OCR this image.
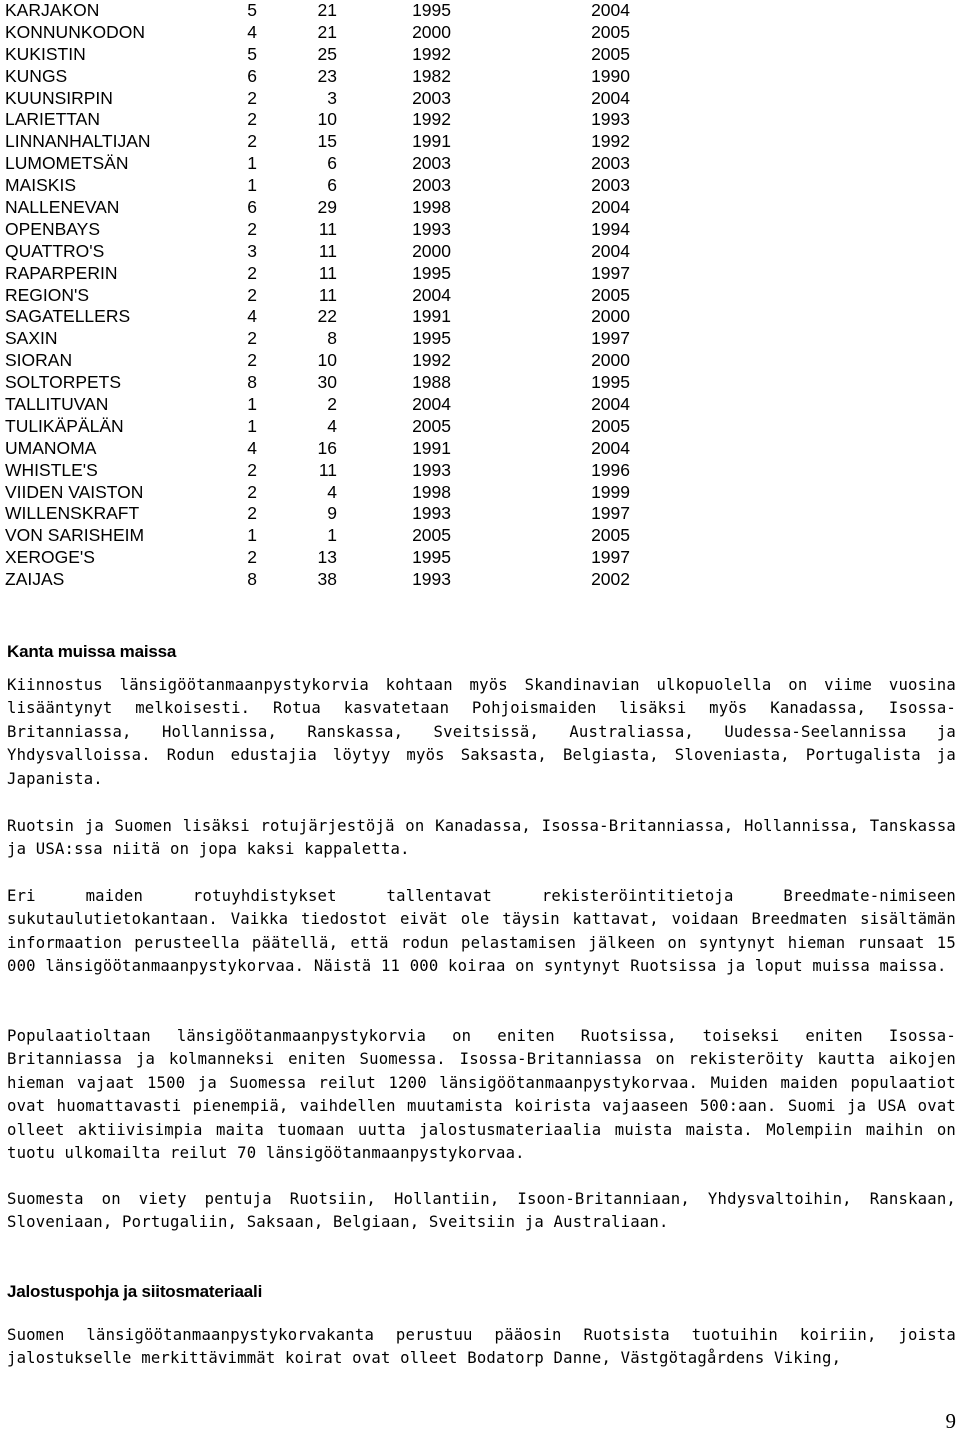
KARJAKON	5	21	1995	2004
KONNUNKODON	4	21	2000	2005
KUKISTIN	5	25	1992	2005
KUNGS	6	23	1982	1990
KUUNSIRPIN	2	3	2003	2004
LARIETTAN	2	10	1992	1993
LINNANHALTIJAN	2	15	1991	1992
LUMOMETSÄN	1	6	2003	2003
MAISKIS	1	6	2003	2003
NALLENEVAN	6	29	1998	2004
OPENBAYS	2	11	1993	1994
QUATTRO'S	3	11	2000	2004
RAPARPERIN	2	11	1995	1997
REGION'S	2	11	2004	2005
SAGATELLERS	4	22	1991	2000
SAXIN	2	8	1995	1997
SIORAN	2	10	1992	2000
SOLTORPETS	8	30	1988	1995
TALLITUVAN	1	2	2004	2004
TULIKÄPÄLÄN	1	4	2005	2005
UMANOMA	4	16	1991	2004
WHISTLE'S	2	11	1993	1996
VIIDEN VAISTON	2	4	1998	1999
WILLENSKRAFT	2	9	1993	1997
VON SARISHEIM	1	1	2005	2005
XEROGE'S	2	13	1995	1997
ZAIJAS	8	38	1993	2002
Kanta muissa maissa
Kiinnostus länsigöötanmaanpystykorvia kohtaan myös Skandinavian ulkopuolella on viime vuosina lisääntynyt melkoisesti. Rotua kasvatetaan Pohjoismaiden lisäksi myös Kanadassa, Isossa-Britanniassa, Hollannissa, Ranskassa, Sveitsissä, Australiassa, Uudessa-Seelannissa ja Yhdysvalloissa. Rodun edustajia löytyy myös Saksasta, Belgiasta, Sloveniasta, Portugalista ja Japanista.
Ruotsin ja Suomen lisäksi rotujärjestöjä on Kanadassa, Isossa-Britanniassa, Hollannissa, Tanskassa ja USA:ssa niitä on jopa kaksi kappaletta.
Eri maiden rotuyhdistykset tallentavat rekisteröintitietoja Breedmate-nimiseen sukutaulutietokantaan. Vaikka tiedostot eivät ole täysin kattavat, voidaan Breedmaten sisältämän informaation perusteella päätellä, että rodun pelastamisen jälkeen on syntynyt hieman runsaat 15 000 länsigöötanmaanpystykorvaa. Näistä 11 000 koiraa on syntynyt Ruotsissa ja loput muissa maissa.
Populaatioltaan länsigöötanmaanpystykorvia on eniten Ruotsissa, toiseksi eniten Isossa-Britanniassa ja kolmanneksi eniten Suomessa. Isossa-Britanniassa on rekisteröity kautta aikojen hieman vajaat 1500 ja Suomessa reilut 1200 länsigöötanmaanpystykorvaa. Muiden maiden populaatiot ovat huomattavasti pienempiä, vaihdellen muutamista koirista vajaaseen 500:aan. Suomi ja USA ovat olleet aktiivisimpia maita tuomaan uutta jalostusmateriaalia muista maista. Molempiin maihin on tuotu ulkomailta reilut 70 länsigöötanmaanpystykorvaa.
Suomesta on viety pentuja Ruotsiin, Hollantiin, Isoon-Britanniaan, Yhdysvaltoihin, Ranskaan, Sloveniaan, Portugaliin, Saksaan, Belgiaan, Sveitsiin ja Australiaan.
Jalostuspohja ja siitosmateriaali
Suomen länsigöötanmaanpystykorvakanta perustuu pääosin Ruotsista tuotuihin koiriin, joista jalostukselle merkittävimmät koirat ovat olleet Bodatorp Danne, Västgötagårdens Viking,
9
